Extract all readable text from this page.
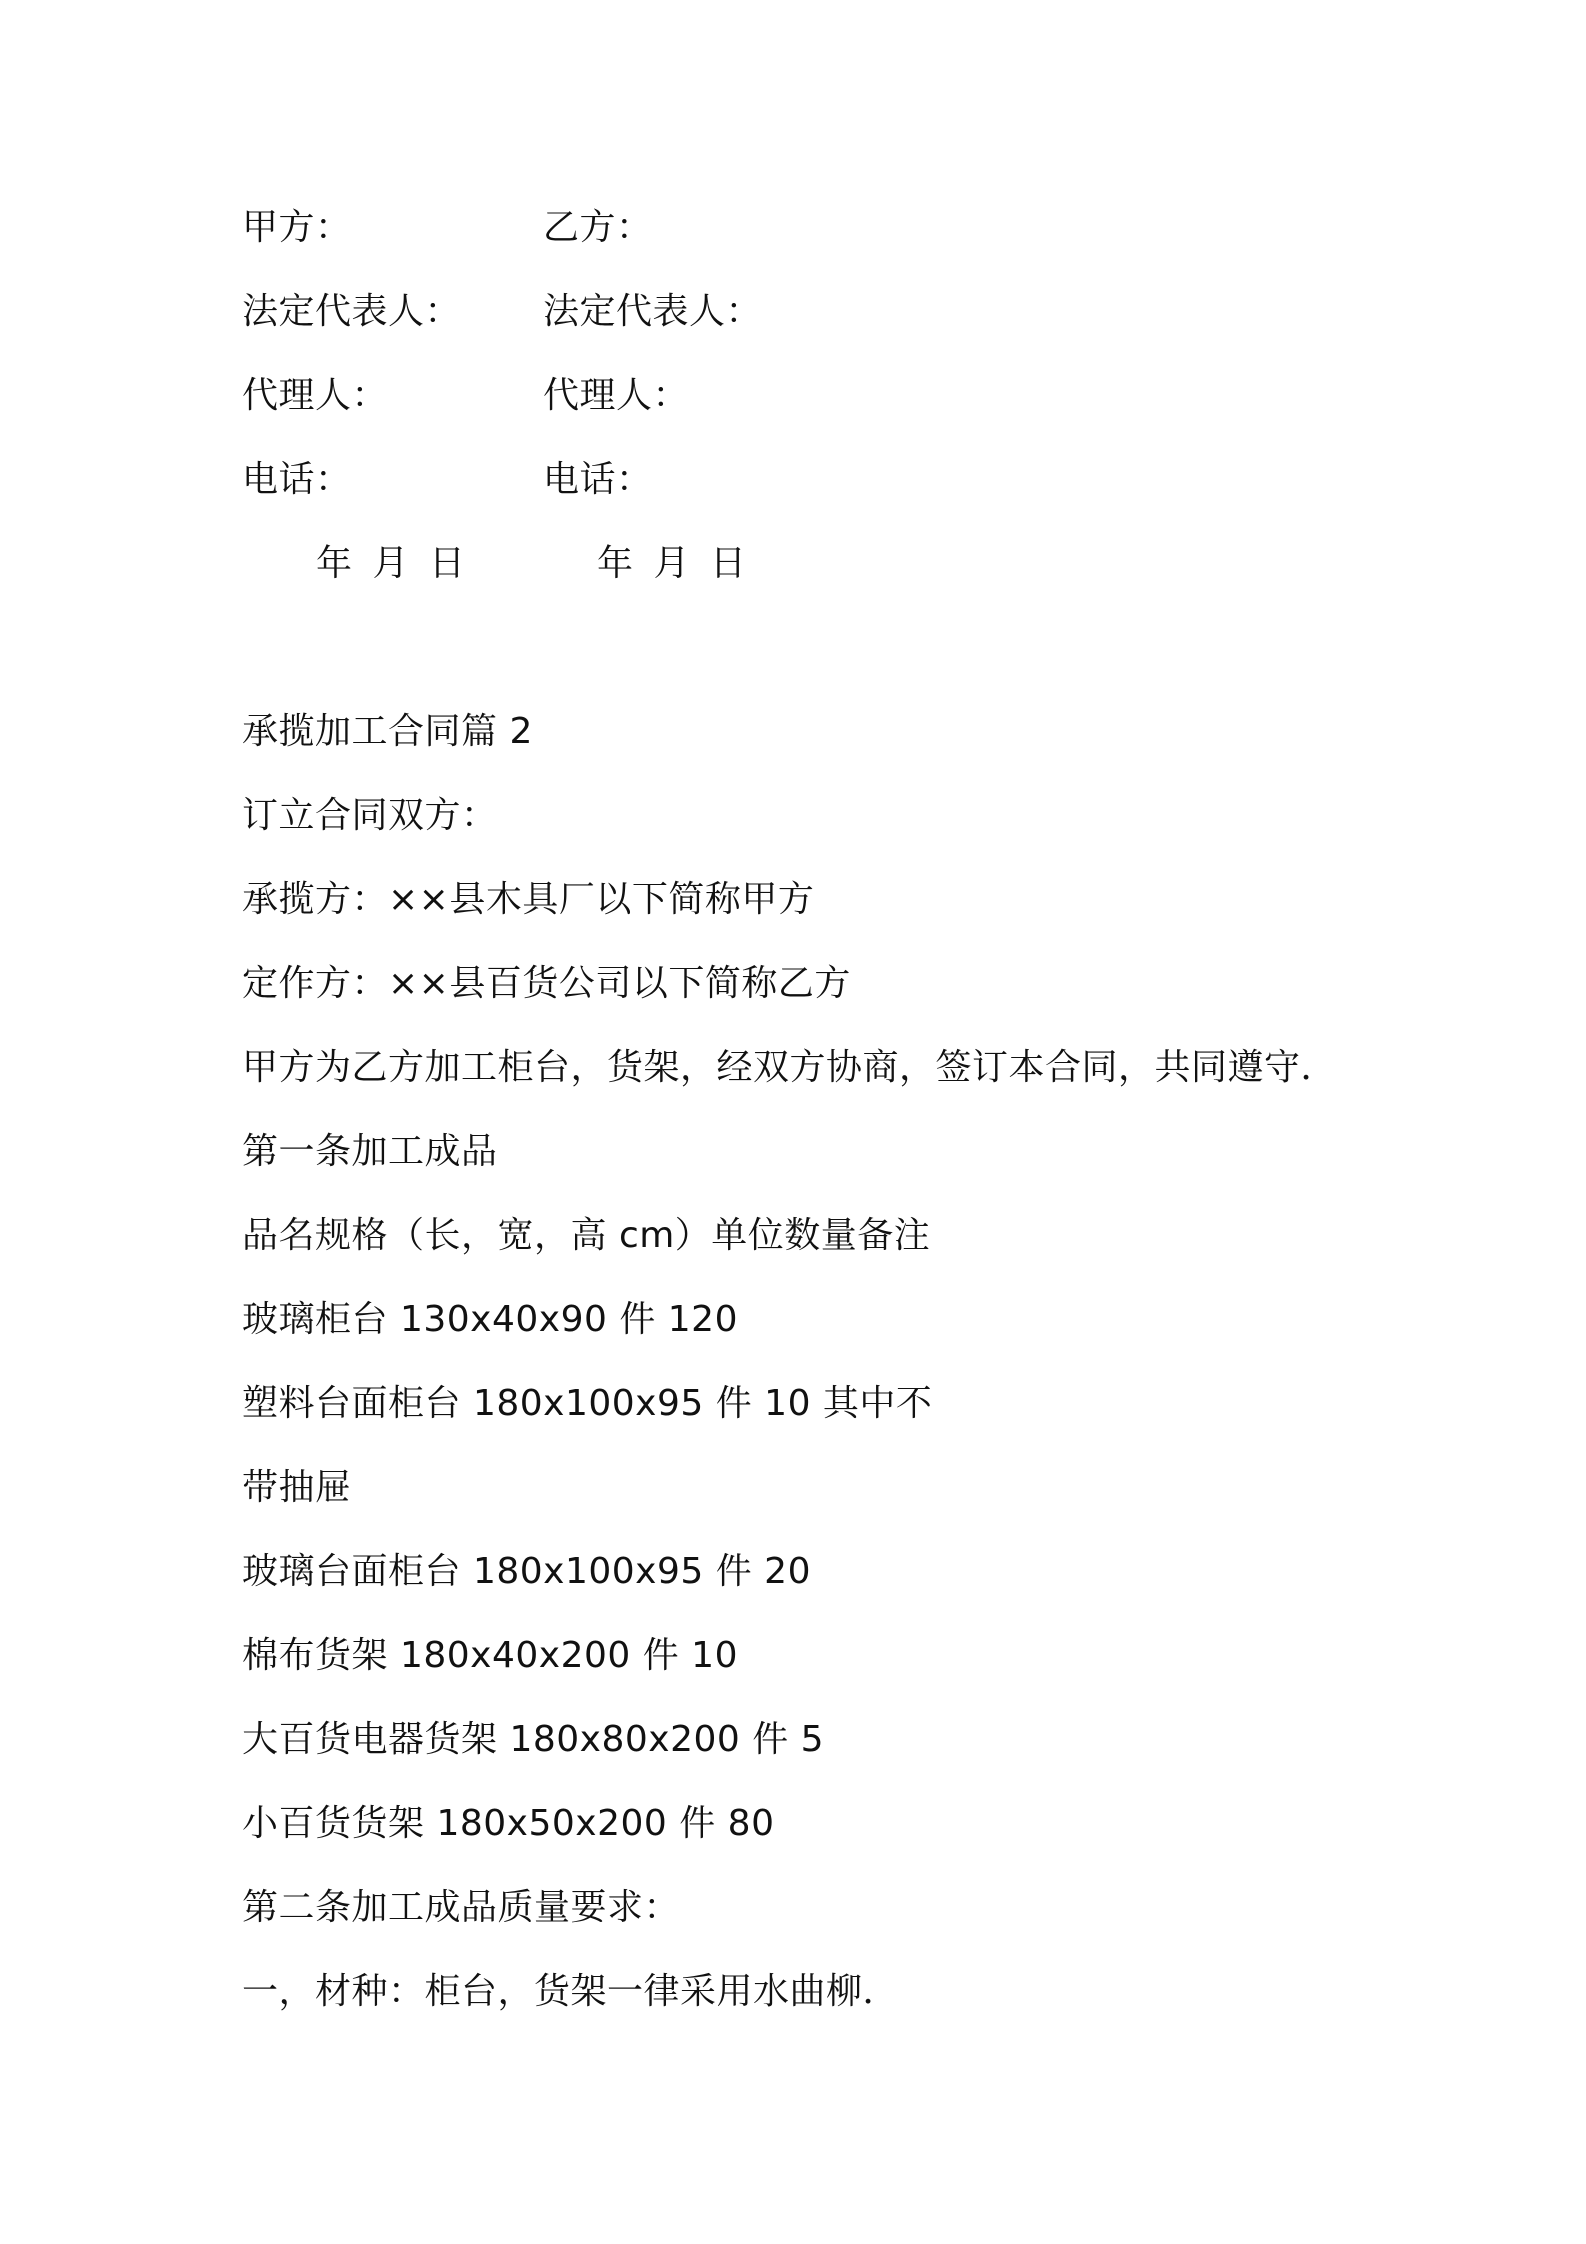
甲方：	乙方：
法定代表人： 法定代表人：
代理人：	代理人：
电话：	电话：
年 月 日	年 月 日
承揽加工合同篇 2
订立合同双方：
承揽方：××县木具厂以下简称甲方
定作方：××县百货公司以下简称乙方
甲方为乙方加工柜台，货架，经双方协商，签订本合同，共同遵守．
第一条加工成品
品名规格（长，宽，高 cm）单位数量备注
玻璃柜台 130x40x90 件 120
塑料台面柜台 180x100x95 件 10 其中不
带抽屉
玻璃台面柜台 180x100x95 件 20
棉布货架 180x40x200 件 10
大百货电器货架 180x80x200 件 5
小百货货架 180x50x200 件 80
第二条加工成品质量要求：
一，材种：柜台，货架一律采用水曲柳．
